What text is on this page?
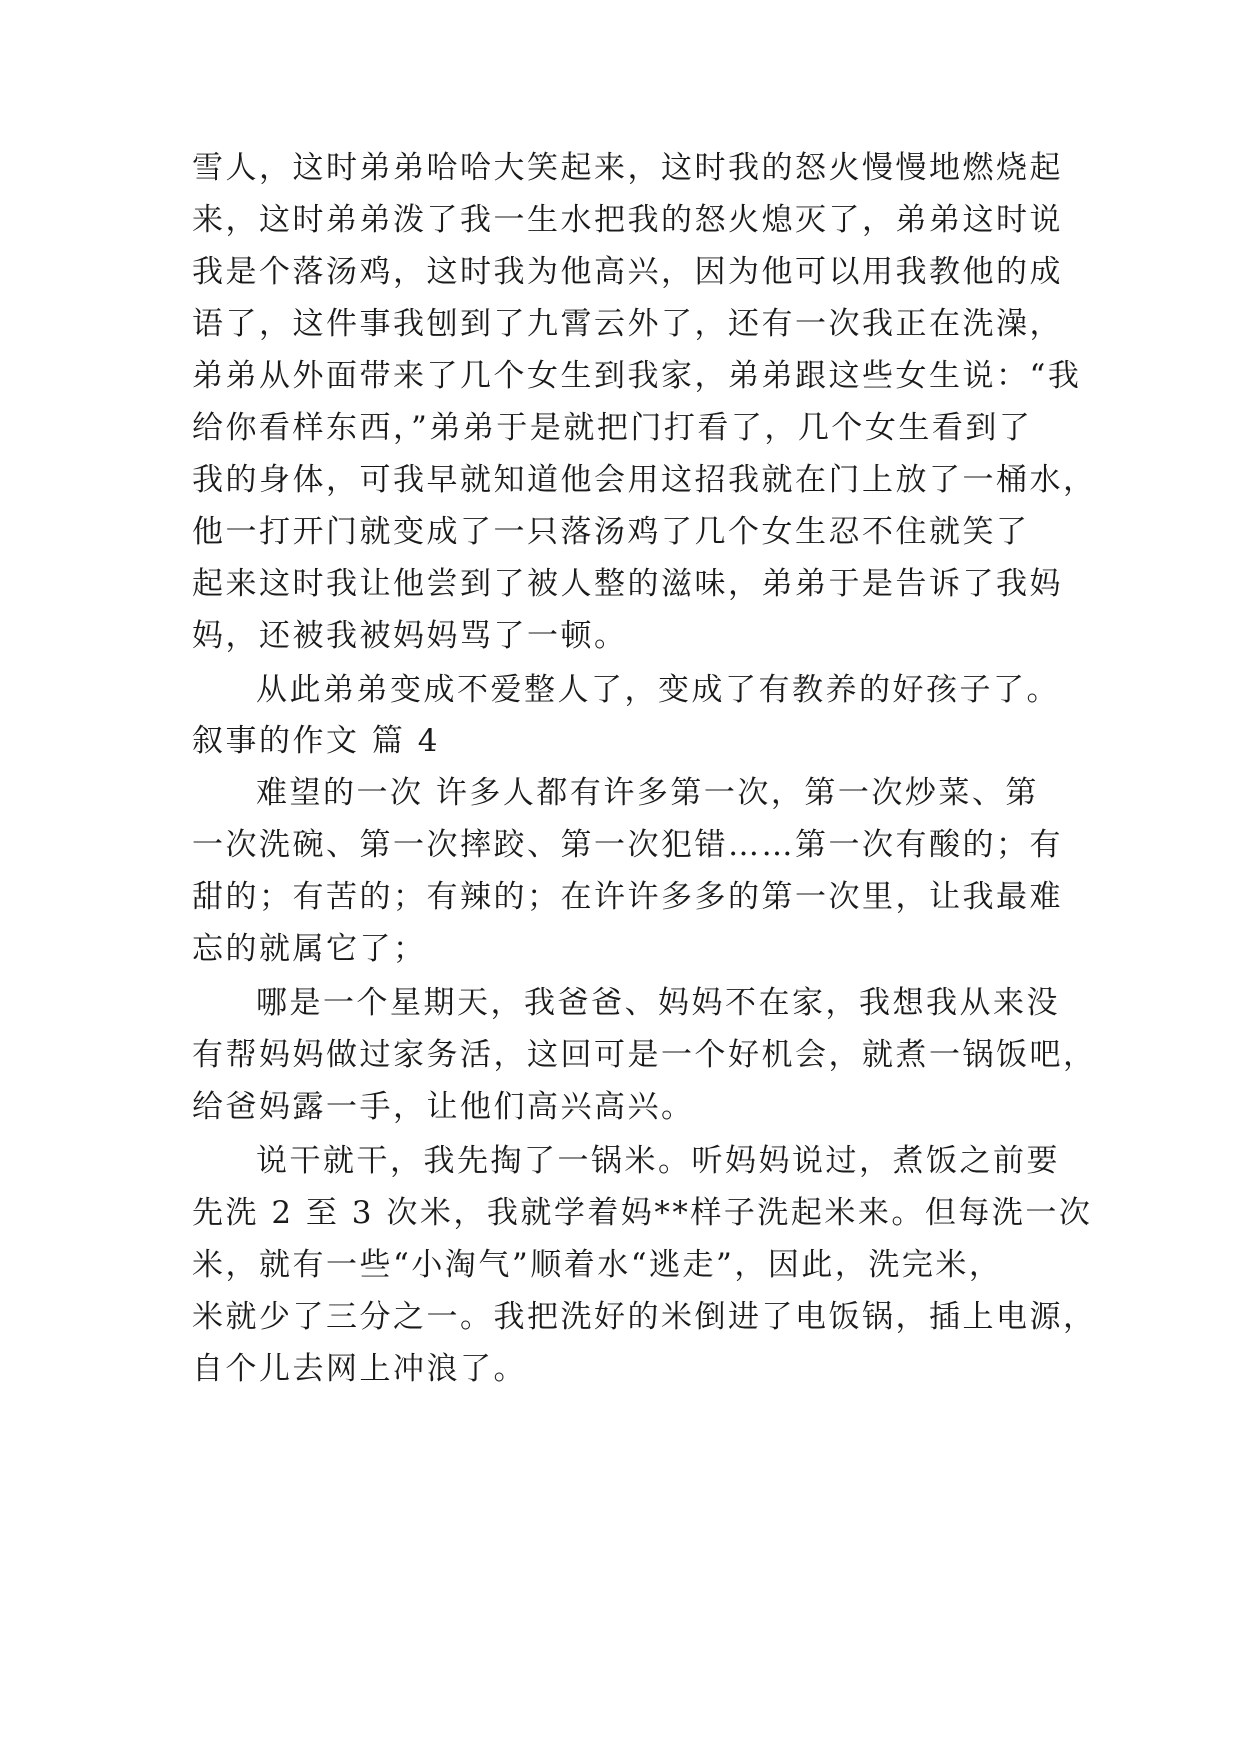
雪人，这时弟弟哈哈大笑起来，这时我的怒火慢慢地燃烧起
来，这时弟弟泼了我一生水把我的怒火熄灭了，弟弟这时说
我是个落汤鸡，这时我为他高兴，因为他可以用我教他的成
语了，这件事我刨到了九霄云外了，还有一次我正在洗澡，
弟弟从外面带来了几个女生到我家，弟弟跟这些女生说：“我
给你看样东西，”弟弟于是就把门打看了，几个女生看到了
我的身体，可我早就知道他会用这招我就在门上放了一桶水，
他一打开门就变成了一只落汤鸡了几个女生忍不住就笑了
起来这时我让他尝到了被人整的滋味，弟弟于是告诉了我妈
妈，还被我被妈妈骂了一顿。
从此弟弟变成不爱整人了，变成了有教养的好孩子了。
叙事的作文 篇 4
难望的一次 许多人都有许多第一次，第一次炒菜、第
一次洗碗、第一次摔跤、第一次犯错……第一次有酸的；有
甜的；有苦的；有辣的；在许许多多的第一次里，让我最难
忘的就属它了；
哪是一个星期天，我爸爸、妈妈不在家，我想我从来没
有帮妈妈做过家务活，这回可是一个好机会，就煮一锅饭吧，
给爸妈露一手，让他们高兴高兴。
说干就干，我先掏了一锅米。听妈妈说过，煮饭之前要
先洗 2 至 3 次米，我就学着妈**样子洗起米来。但每洗一次
米，就有一些“小淘气”顺着水“逃走”，因此，洗完米，
米就少了三分之一。我把洗好的米倒进了电饭锅，插上电源，
自个儿去网上冲浪了。
